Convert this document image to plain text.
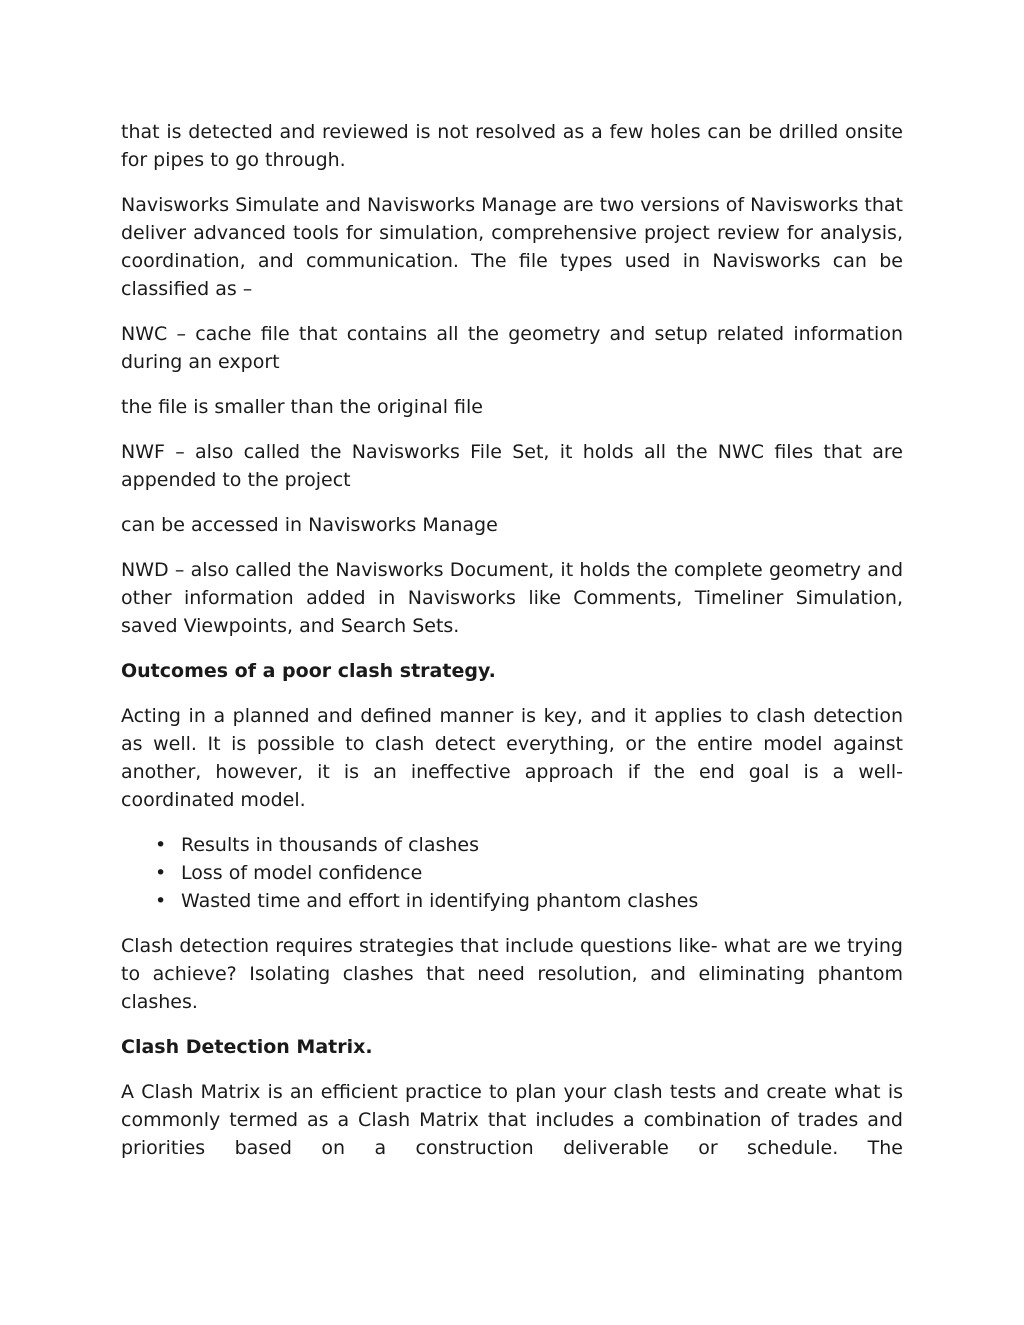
that is detected and reviewed is not resolved as a few holes can be drilled onsite for pipes to go through.

Navisworks Simulate and Navisworks Manage are two versions of Navisworks that deliver advanced tools for simulation, comprehensive project review for analysis, coordination, and communication. The file types used in Navisworks can be classified as –

NWC – cache file that contains all the geometry and setup related information during an export

the file is smaller than the original file

NWF – also called the Navisworks File Set, it holds all the NWC files that are appended to the project

can be accessed in Navisworks Manage

NWD – also called the Navisworks Document, it holds the complete geometry and other information added in Navisworks like Comments, Timeliner Simulation, saved Viewpoints, and Search Sets.

Outcomes of a poor clash strategy.

Acting in a planned and defined manner is key, and it applies to clash detection as well. It is possible to clash detect everything, or the entire model against another, however, it is an ineffective approach if the end goal is a well-coordinated model.

• Results in thousands of clashes
• Loss of model confidence
• Wasted time and effort in identifying phantom clashes

Clash detection requires strategies that include questions like- what are we trying to achieve? Isolating clashes that need resolution, and eliminating phantom clashes.

Clash Detection Matrix.

A Clash Matrix is an efficient practice to plan your clash tests and create what is commonly termed as a Clash Matrix that includes a combination of trades and priorities based on a construction deliverable or schedule. The
